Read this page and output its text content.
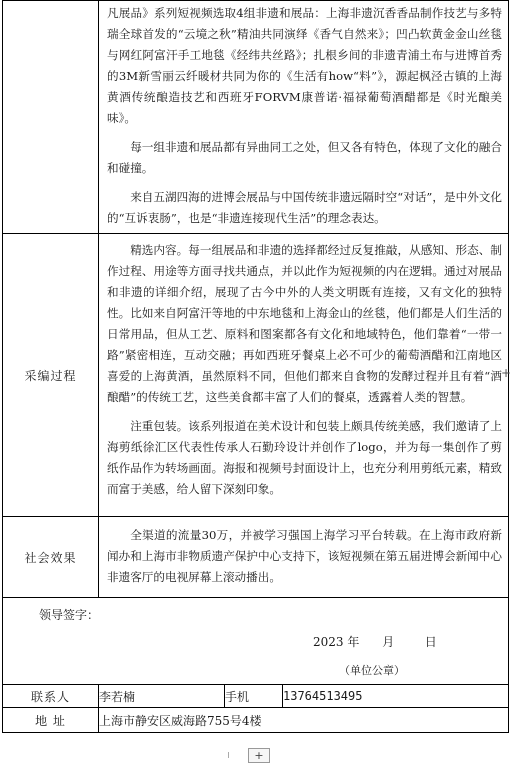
	凡展品》系列短视频选取4组非遗和展品：上海非遗沉香香品制作技艺与多特瑞全球首发的“云境之秋”精油共同演绎《香气自然来》；凹凸软黄金金山丝毯与网红阿富汗手工地毯《经纬共丝路》；扎根乡间的非遗青浦土布与进博首秀的3M新雪丽云纤暖材共同为你的《生活有how“料”》，源起枫泾古镇的上海黄酒传统酿造技艺和西班牙FORVM康普诺·福禄葡萄酒醋都是《时光酿美味》。

每一组非遗和展品都有异曲同工之处，但又各有特色，体现了文化的融合和碰撞。

来自五湖四海的进博会展品与中国传统非遗远隔时空“对话”，是中外文化的“互诉衷肠”，也是“非遗连接现代生活”的理念表达。		

采编过程	精选内容。每一组展品和非遗的选择都经过反复推敲，从感知、形态、制作过程、用途等方面寻找共通点，并以此作为短视频的内在逻辑。通过对展品和非遗的详细介绍，展现了古今中外的人类文明既有连接，又有文化的独特性。比如来自阿富汗等地的中东地毯和上海金山的丝毯，他们都是人们生活的日常用品，但从工艺、原料和图案都各有文化和地域特色，他们靠着“一带一路”紧密相连，互动交融；再如西班牙餐桌上必不可少的葡萄酒醋和江南地区喜爱的上海黄酒，虽然原料不同，但他们都来自食物的发酵过程并且有着“酒酿醋”的传统工艺，这些美食都丰富了人们的餐桌，透露着人类的智慧。

注重包装。该系列报道在美术设计和包装上颇具传统美感，我们邀请了上海剪纸徐汇区代表性传承人石勤玲设计并创作了logo，并为每一集创作了剪纸作品作为转场画面。海报和视频号封面设计上，也充分利用剪纸元素，精致而富于美感，给人留下深刻印象。		

社会效果	全渠道的流量30万，并被学习强国上海学习平台转载。在上海市政府新闻办和上海市非物质遗产保护中心支持下，该短视频在第五届进博会新闻中心非遗客厅的电视屏幕上滚动播出。		

领导签字：
2023 年      月        日
（单位公章）			

联系人	李若楠	手机	13764513495
地 址	上海市静安区威海路755号4楼		
+
+
